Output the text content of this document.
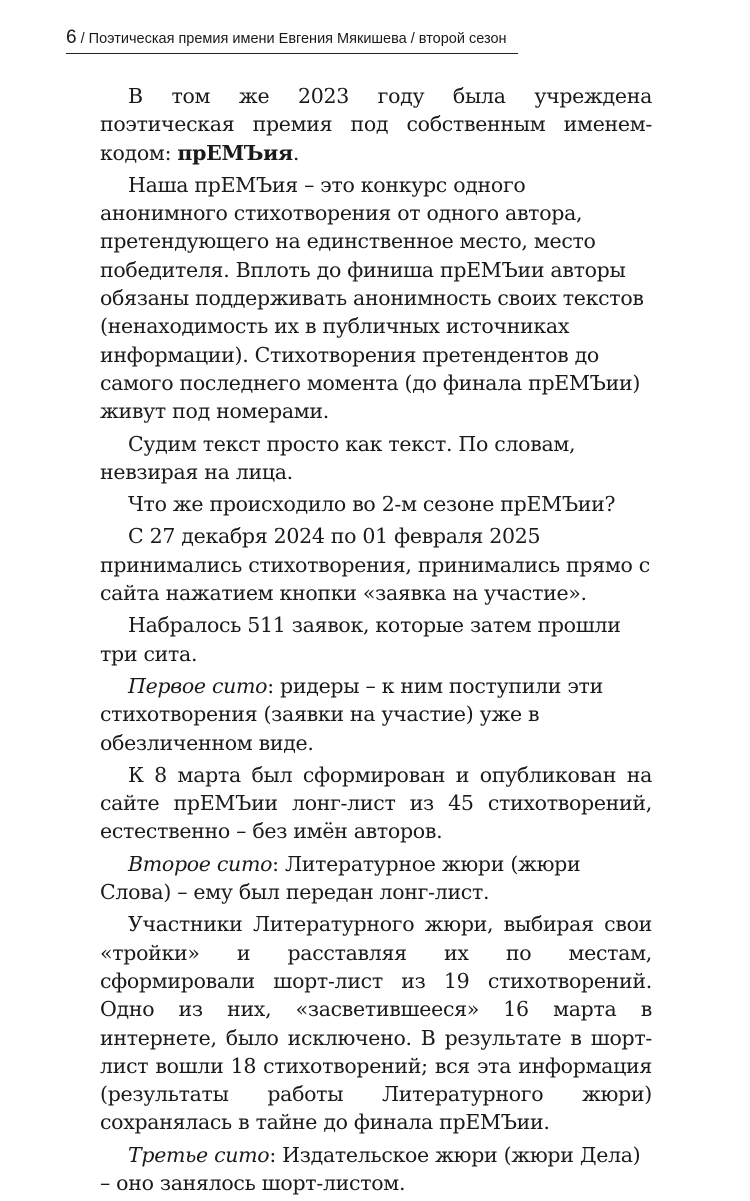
6 / Поэтическая премия имени Евгения Мякишева / второй сезон

В том же 2023 году была учреждена поэтическая премия под собственным именем-кодом: прЕМЪия.

Наша прЕМЪия – это конкурс одного анонимного стихотворения от одного автора, претендующего на единственное место, место победителя. Вплоть до финиша прЕМЪии авторы обязаны поддерживать анонимность своих текстов (ненаходимость их в публичных источниках информации). Стихотворения претендентов до самого последнего момента (до финала прЕМЪии) живут под номерами.

Судим текст просто как текст. По словам, невзирая на лица.

Что же происходило во 2-м сезоне прЕМЪии?

С 27 декабря 2024 по 01 февраля 2025 принимались стихотворения, принимались прямо с сайта нажатием кнопки «заявка на участие».

Набралось 511 заявок, которые затем прошли три сита.

Первое сито: ридеры – к ним поступили эти стихотворения (заявки на участие) уже в обезличенном виде.

К 8 марта был сформирован и опубликован на сайте прЕМЪии лонг-лист из 45 стихотворений, естественно – без имён авторов.

Второе сито: Литературное жюри (жюри Слова) – ему был передан лонг-лист.

Участники Литературного жюри, выбирая свои «тройки» и расставляя их по местам, сформировали шорт-лист из 19 стихотворений. Одно из них, «засветившееся» 16 марта в интернете, было исключено. В результате в шорт-лист вошли 18 стихотворений; вся эта информация (результаты работы Литературного жюри) сохранялась в тайне до финала прЕМЪии.

Третье сито: Издательское жюри (жюри Дела) – оно занялось шорт-листом.
